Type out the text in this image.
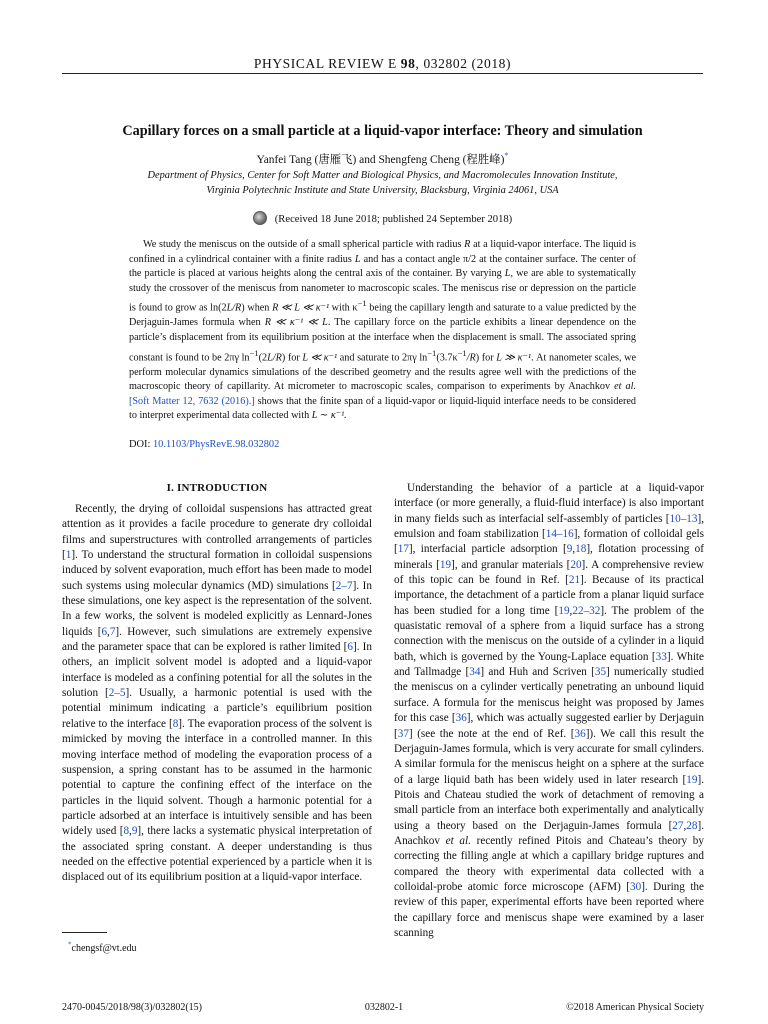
PHYSICAL REVIEW E 98, 032802 (2018)
Capillary forces on a small particle at a liquid-vapor interface: Theory and simulation
Yanfei Tang (唐雁飞) and Shengfeng Cheng (程胜峰)*
Department of Physics, Center for Soft Matter and Biological Physics, and Macromolecules Innovation Institute,
Virginia Polytechnic Institute and State University, Blacksburg, Virginia 24061, USA
(Received 18 June 2018; published 24 September 2018)
We study the meniscus on the outside of a small spherical particle with radius R at a liquid-vapor interface. The liquid is confined in a cylindrical container with a finite radius L and has a contact angle π/2 at the container surface. The center of the particle is placed at various heights along the central axis of the container. By varying L, we are able to systematically study the crossover of the meniscus from nanometer to macroscopic scales. The meniscus rise or depression on the particle is found to grow as ln(2L/R) when R ≪ L ≪ κ⁻¹ with $\kappa^{-1}$ being the capillary length and saturate to a value predicted by the Derjaguin-James formula when R ≪ κ⁻¹ ≪ L. The capillary force on the particle exhibits a linear dependence on the particle’s displacement from its equilibrium position at the interface when the displacement is small. The associated spring constant is found to be 2πγ $\ln^{-1}(2L/R)$ for L ≪ κ⁻¹ and saturate to 2πγ $\ln^{-1}(3.7\kappa^{-1}/R)$ for L ≫ κ⁻¹. At nanometer scales, we perform molecular dynamics simulations of the described geometry and the results agree well with the predictions of the macroscopic theory of capillarity. At micrometer to macroscopic scales, comparison to experiments by Anachkov et al. [Soft Matter 12, 7632 (2016).] shows that the finite span of a liquid-vapor or liquid-liquid interface needs to be considered to interpret experimental data collected with L ∼ κ⁻¹.
DOI: 10.1103/PhysRevE.98.032802
I. INTRODUCTION

Recently, the drying of colloidal suspensions has attracted great attention as it provides a facile procedure to generate dry colloidal films and superstructures with controlled arrangements of particles [1]. To understand the structural formation in colloidal suspensions induced by solvent evaporation, much effort has been made to model such systems using molecular dynamics (MD) simulations [2–7]. In these simulations, one key aspect is the representation of the solvent. In a few works, the solvent is modeled explicitly as Lennard-Jones liquids [6,7]. However, such simulations are extremely expensive and the parameter space that can be explored is rather limited [6]. In others, an implicit solvent model is adopted and a liquid-vapor interface is modeled as a confining potential for all the solutes in the solution [2–5]. Usually, a harmonic potential is used with the potential minimum indicating a particle’s equilibrium position relative to the interface [8]. The evaporation process of the solvent is mimicked by moving the interface in a controlled manner. In this moving interface method of modeling the evaporation process of a suspension, a spring constant has to be assumed in the harmonic potential to capture the confining effect of the interface on the particles in the liquid solvent. Though a harmonic potential for a particle adsorbed at an interface is intuitively sensible and has been widely used [8,9], there lacks a systematic physical interpretation of the associated spring constant. A deeper understanding is thus needed on the effective potential experienced by a particle when it is displaced out of its equilibrium position at a liquid-vapor interface.

Understanding the behavior of a particle at a liquid-vapor interface (or more generally, a fluid-fluid interface) is also important in many fields such as interfacial self-assembly of particles [10–13], emulsion and foam stabilization [14–16], formation of colloidal gels [17], interfacial particle adsorption [9,18], flotation processing of minerals [19], and granular materials [20]. A comprehensive review of this topic can be found in Ref. [21]. Because of its practical importance, the detachment of a particle from a planar liquid surface has been studied for a long time [19,22–32]. The problem of the quasistatic removal of a sphere from a liquid surface has a strong connection with the meniscus on the outside of a cylinder in a liquid bath, which is governed by the Young-Laplace equation [33]. White and Tallmadge [34] and Huh and Scriven [35] numerically studied the meniscus on a cylinder vertically penetrating an unbound liquid surface. A formula for the meniscus height was proposed by James for this case [36], which was actually suggested earlier by Derjaguin [37] (see the note at the end of Ref. [36]). We call this result the Derjaguin-James formula, which is very accurate for small cylinders. A similar formula for the meniscus height on a sphere at the surface of a large liquid bath has been widely used in later research [19]. Pitois and Chateau studied the work of detachment of removing a small particle from an interface both experimentally and analytically using a theory based on the Derjaguin-James formula [27,28]. Anachkov et al. recently refined Pitois and Chateau’s theory by correcting the filling angle at which a capillary bridge ruptures and compared the theory with experimental data collected with a colloidal-probe atomic force microscope (AFM) [30]. During the review of this paper, experimental efforts have been reported where the capillary force and meniscus shape were examined by a laser scanning

*chengsf@vt.edu
2470-0045/2018/98(3)/032802(15)	032802-1	©2018 American Physical Society
